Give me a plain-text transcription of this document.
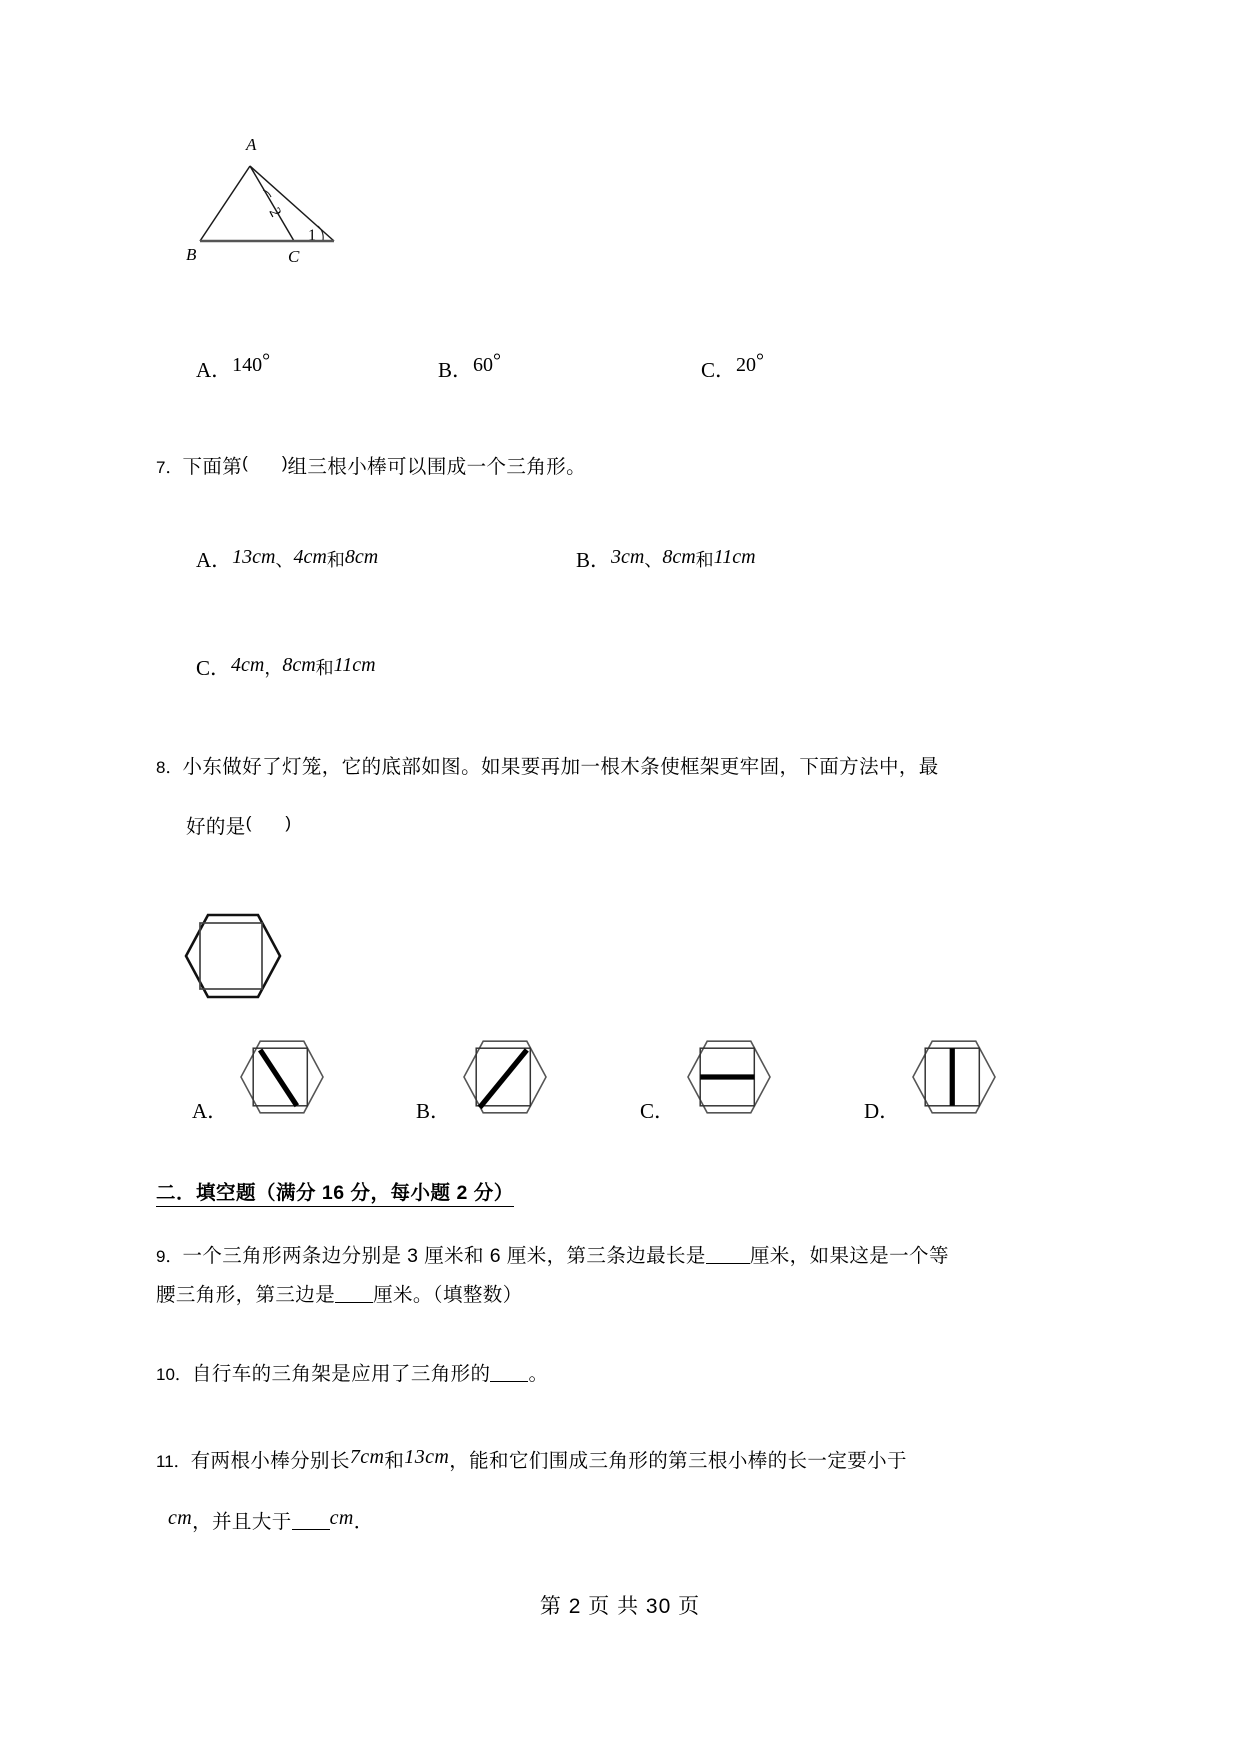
A
B	C
1
2
A．140°	B．60°	C．20°
7．下面第( )组三根小棒可以围成一个三角形。
A．13cm、4cm和8cm	B．3cm、8cm和11cm
C．4cm，8cm和11cm
8．小东做好了灯笼，它的底部如图。如果要再加一根木条使框架更牢固，下面方法中，最
好的是( )
A．	B．	C．	D．
二．填空题（满分 16 分，每小题 2 分）
9．一个三角形两条边分别是 3 厘米和 6 厘米，第三条边最长是 厘米，如果这是一个等
腰三角形，第三边是 厘米。（填整数）
10．自行车的三角架是应用了三角形的 。
11．有两根小棒分别长7cm和13cm，能和它们围成三角形的第三根小棒的长一定要小于
cm，并且大于 cm．
第 2 页 共 30 页
